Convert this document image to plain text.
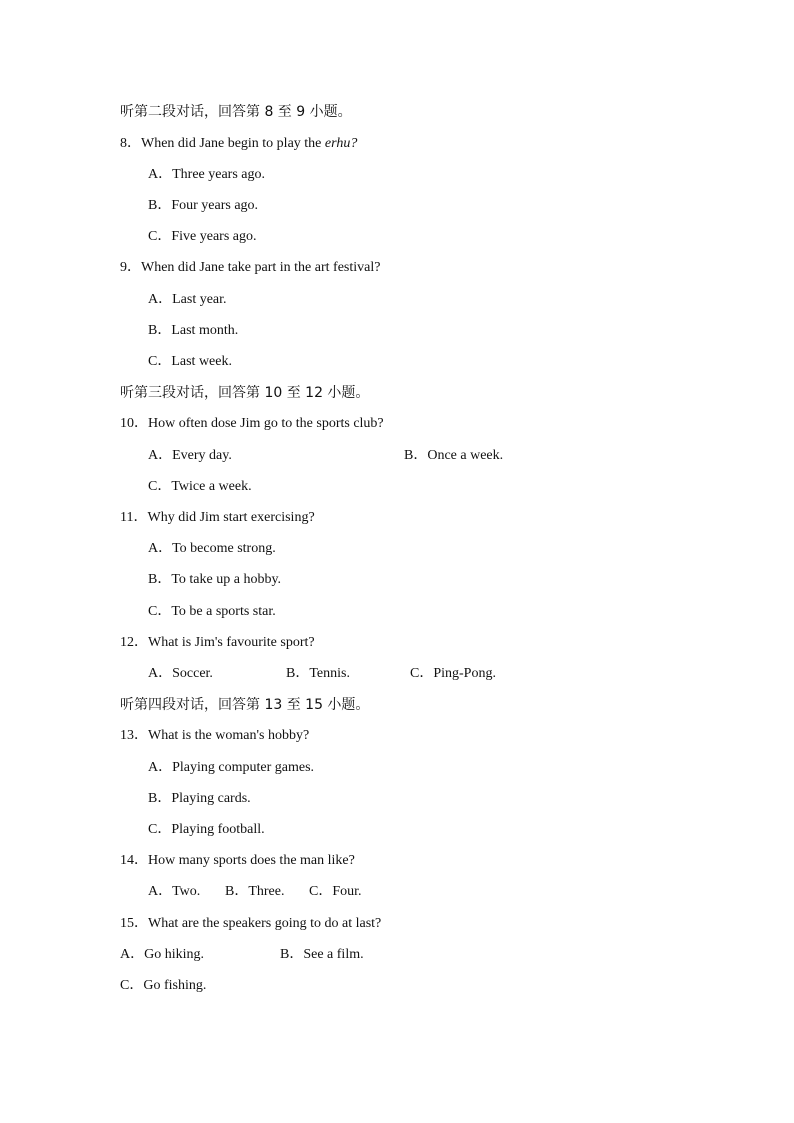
听第二段对话，回答第 8 至 9 小题。
8．When did Jane begin to play the erhu?
A．Three years ago.
B．Four years ago.
C．Five years ago.
9．When did Jane take part in the art festival?
A．Last year.
B．Last month.
C．Last week.
听第三段对话，回答第 10 至 12 小题。
10．How often dose Jim go to the sports club?
A．Every day.	B．Once a week.
C．Twice a week.
11．Why did Jim start exercising?
A．To become strong.
B．To take up a hobby.
C．To be a sports star.
12．What is Jim's favourite sport?
A．Soccer.	B．Tennis.	C．Ping-Pong.
听第四段对话，回答第 13 至 15 小题。
13．What is the woman's hobby?
A．Playing computer games.
B．Playing cards.
C．Playing football.
14．How many sports does the man like?
A．Two. B．Three. C．Four.
15．What are the speakers going to do at last?
A．Go hiking.	B．See a film.
C．Go fishing.
